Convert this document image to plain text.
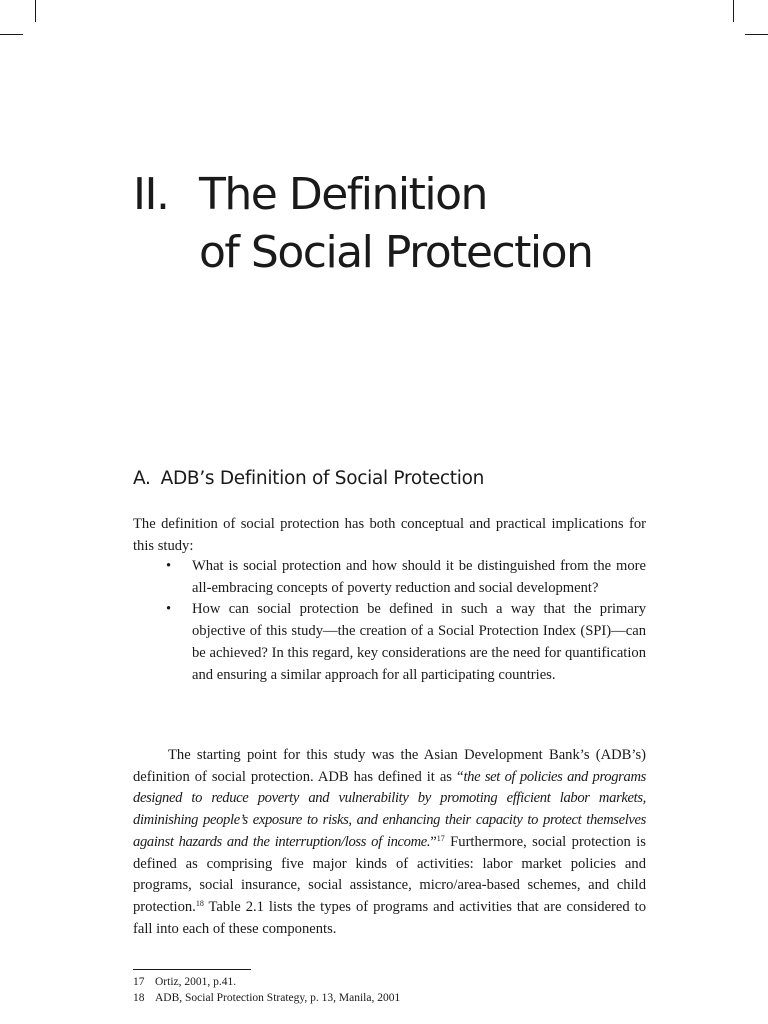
II. The Definition
of Social Protection
A. ADB’s Definition of Social Protection
The definition of social protection has both conceptual and practical implications for this study:
• What is social protection and how should it be distinguished from the more all-embracing concepts of poverty reduction and social development?
• How can social protection be defined in such a way that the primary objective of this study—the creation of a Social Protection Index (SPI)—can be achieved? In this regard, key considerations are the need for quantification and ensuring a similar approach for all participating countries.
The starting point for this study was the Asian Development Bank’s (ADB’s) definition of social protection. ADB has defined it as “the set of policies and programs designed to reduce poverty and vulnerability by promoting efficient labor markets, diminishing people’s exposure to risks, and enhancing their capacity to protect themselves against hazards and the interruption/loss of income.”$^{17}$ Furthermore, social protection is defined as comprising five major kinds of activities: labor market policies and programs, social insurance, social assistance, micro/area-based schemes, and child protection.$^{18}$ Table 2.1 lists the types of programs and activities that are considered to fall into each of these components.
17 Ortiz, 2001, p.41.
18 ADB, Social Protection Strategy, p. 13, Manila, 2001
